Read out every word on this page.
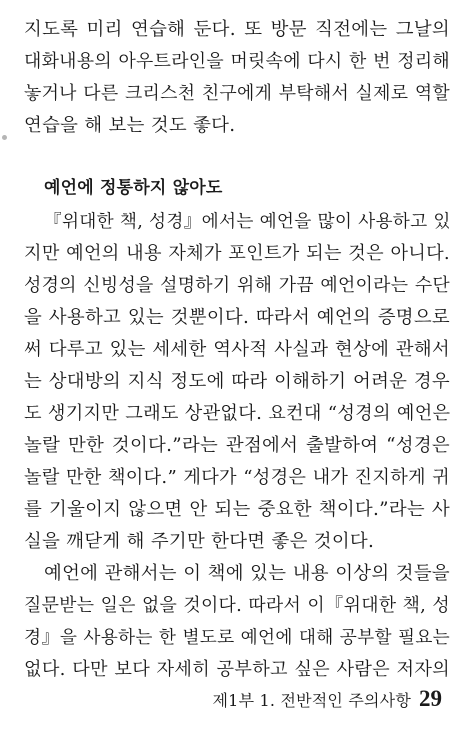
지도록 미리 연습해 둔다. 또 방문 직전에는 그날의
대화내용의 아우트라인을 머릿속에 다시 한 번 정리해
놓거나 다른 크리스천 친구에게 부탁해서 실제로 역할
연습을 해 보는 것도 좋다.
예언에 정통하지 않아도
『위대한 책, 성경』에서는 예언을 많이 사용하고 있
지만 예언의 내용 자체가 포인트가 되는 것은 아니다.
성경의 신빙성을 설명하기 위해 가끔 예언이라는 수단
을 사용하고 있는 것뿐이다. 따라서 예언의 증명으로
써 다루고 있는 세세한 역사적 사실과 현상에 관해서
는 상대방의 지식 정도에 따라 이해하기 어려운 경우
도 생기지만 그래도 상관없다. 요컨대 “성경의 예언은
놀랄 만한 것이다.”라는 관점에서 출발하여 “성경은
놀랄 만한 책이다.” 게다가 “성경은 내가 진지하게 귀
를 기울이지 않으면 안 되는 중요한 책이다.”라는 사
실을 깨닫게 해 주기만 한다면 좋은 것이다.
예언에 관해서는 이 책에 있는 내용 이상의 것들을
질문받는 일은 없을 것이다. 따라서 이『위대한 책, 성
경』을 사용하는 한 별도로 예언에 대해 공부할 필요는
없다. 다만 보다 자세히 공부하고 싶은 사람은 저자의
제1부 1. 전반적인 주의사항 29
